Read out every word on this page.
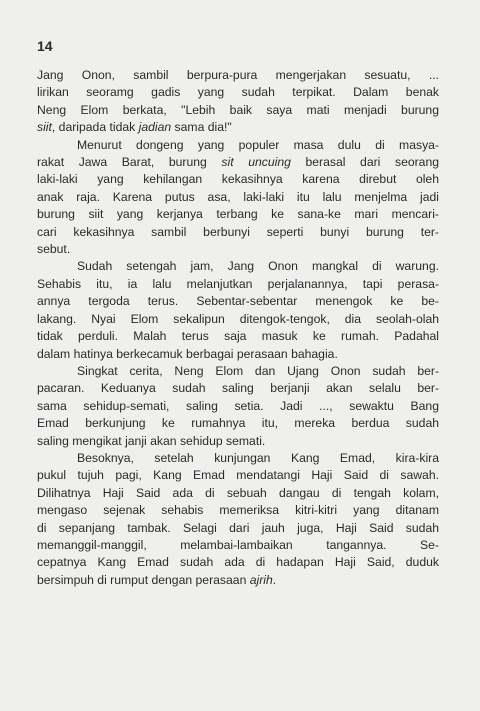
14
Jang Onon, sambil berpura-pura mengerjakan sesuatu, ...
lirikan seoramg gadis yang sudah terpikat. Dalam benak
Neng Elom berkata, "Lebih baik saya mati menjadi burung
siit, daripada tidak jadian sama dia!"
Menurut dongeng yang populer masa dulu di masya-
rakat Jawa Barat, burung sit uncuing berasal dari seorang
laki-laki yang kehilangan kekasihnya karena direbut oleh
anak raja. Karena putus asa, laki-laki itu lalu menjelma jadi
burung siit yang kerjanya terbang ke sana-ke mari mencari-
cari kekasihnya sambil berbunyi seperti bunyi burung ter-
sebut.
Sudah setengah jam, Jang Onon mangkal di warung.
Sehabis itu, ia lalu melanjutkan perjalanannya, tapi perasa-
annya tergoda terus. Sebentar-sebentar menengok ke be-
lakang. Nyai Elom sekalipun ditengok-tengok, dia seolah-olah
tidak perduli. Malah terus saja masuk ke rumah. Padahal
dalam hatinya berkecamuk berbagai perasaan bahagia.
Singkat cerita, Neng Elom dan Ujang Onon sudah ber-
pacaran. Keduanya sudah saling berjanji akan selalu ber-
sama sehidup-semati, saling setia. Jadi ..., sewaktu Bang
Emad berkunjung ke rumahnya itu, mereka berdua sudah
saling mengikat janji akan sehidup semati.
Besoknya, setelah kunjungan Kang Emad, kira-kira
pukul tujuh pagi, Kang Emad mendatangi Haji Said di sawah.
Dilihatnya Haji Said ada di sebuah dangau di tengah kolam,
mengaso sejenak sehabis memeriksa kitri-kitri yang ditanam
di sepanjang tambak. Selagi dari jauh juga, Haji Said sudah
memanggil-manggil, melambai-lambaikan tangannya. Se-
cepatnya Kang Emad sudah ada di hadapan Haji Said, duduk
bersimpuh di rumput dengan perasaan ajrih.
